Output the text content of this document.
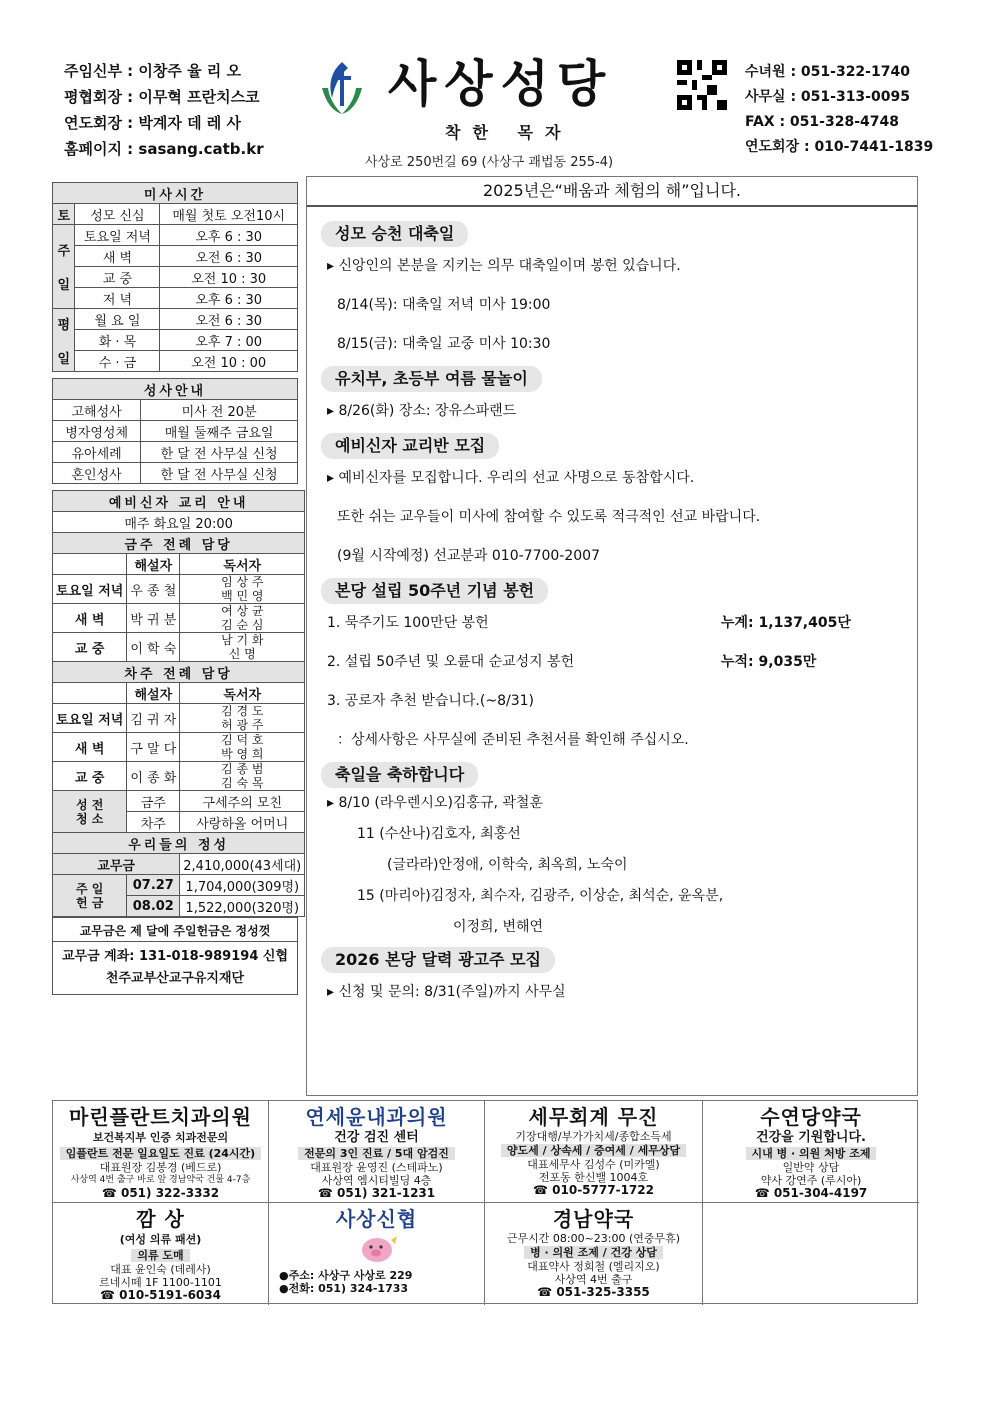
주임신부 : 이창주 율 리 오
평협회장 : 이무혁 프란치스코
연도회장 : 박계자 데 레 사
홈페이지 : sasang.catb.kr
사상성당
착한 목자
사상로 250번길 69 (사상구 괘법동 255-4)
수녀원 : 051-322-1740
사무실 : 051-313-0095
FAX : 051-328-4748
연도회장 : 010-7441-1839
미사시간		
토	성모 신심	매월 첫토 오전10시
주

일	토요일 저녁	오후 6 : 30
	새 벽	오전 6 : 30
	교 중	오전 10 : 30
	저 녁	오후 6 : 30
평

일	월 요 일	오전 6 : 30
	화 · 목	오후 7 : 00
	수 · 금	오전 10 : 00
성사안내	
고해성사	미사 전 20분
병자영성체	매월 둘째주 금요일
유아세례	한 달 전 사무실 신청
혼인성사	한 달 전 사무실 신청
예비신자 교리 안내		
매주 화요일 20:00		
금주 전례 담당		
	해설자	독서자
토요일 저녁	우 종 철	임 상 주
백 민 영
새 벽	박 귀 분	여 상 균
김 순 심
교 중	이 학 숙	남 기 화
신 명
차주 전례 담당		
	해설자	독서자
토요일 저녁	김 귀 자	김 경 도
허 광 주
새 벽	구 말 다	김 덕 호
박 영 희
교 중	이 종 화	김 종 범
김 숙 목
성 전
청 소	금주	구세주의 모친
	차주	사랑하올 어머니
우리들의 정성		
교무금		2,410,000(43세대)
주 일
헌 금	07.27	1,704,000(309명)
	08.02	1,522,000(320명)
교무금은 제 달에 주일헌금은 정성껏
교무금 계좌: 131-018-989194 신협
천주교부산교구유지재단
2025년은“배움과 체험의 해”입니다.
성모 승천 대축일
▸ 신앙인의 본분을 지키는 의무 대축일이며 봉헌 있습니다.
8/14(목): 대축일 저녁 미사 19:00
8/15(금): 대축일 교중 미사 10:30
유치부, 초등부 여름 물놀이
▸ 8/26(화) 장소: 장유스파랜드
예비신자 교리반 모집
▸ 예비신자를 모집합니다. 우리의 선교 사명으로 동참합시다.
또한 쉬는 교우들이 미사에 참여할 수 있도록 적극적인 선교 바랍니다.
(9월 시작예정) 선교분과 010-7700-2007
본당 설립 50주년 기념 봉헌
1. 묵주기도 100만단 봉헌	누계: 1,137,405단
2. 설립 50주년 및 오륜대 순교성지 봉헌	누적: 9,035만
3. 공로자 추천 받습니다.(~8/31)
：상세사항은 사무실에 준비된 추천서를 확인해 주십시오.
축일을 축하합니다
▸ 8/10 (라우렌시오)김홍규, 곽철훈
11 (수산나)김호자, 최홍선
(글라라)안정애, 이학숙, 최옥희, 노숙이
15 (마리아)김정자, 최수자, 김광주, 이상순, 최석순, 윤옥분,
이정희, 변해연
2026 본당 달력 광고주 모집
▸ 신청 및 문의: 8/31(주일)까지 사무실
마린플란트치과의원
보건복지부 인증 치과전문의
임플란트 전문 일요일도 진료 (24시간)
대표원장 김봉경 (베드로)
사상역 4번 출구 바로 앞 경남약국 건물 4-7층
☎ 051) 322-3332
연세윤내과의원
건강 검진 센터
전문의 3인 진료 / 5대 암검진
대표원장 윤영진 (스테파노)
사상역 엠시티빌딩 4층
☎ 051) 321-1231
세무회계 무진
기장대행/부가가치세/종합소득세
양도세 / 상속세 / 증여세 / 세무상담
대표세무사 김성수 (미카엘)
전포동 한신밸 1004호
☎ 010-5777-1722
수연당약국
건강을 기원합니다.
시내 병 · 의원 처방 조제
일반약 상담
약사 강연주 (루시아)
☎ 051-304-4197
깜 상
(여성 의류 패션)
의류 도매
대표 윤인숙 (데레사)
르네시떼 1F 1100-1101
☎ 010-5191-6034
사상신협
●주소: 사상구 사상로 229
●전화: 051) 324-1733
경남약국
근무시간 08:00~23:00 (연중무휴)
병 · 의원 조제 / 건강 상담
대표약사 정회철 (엘리지오)
사상역 4번 출구
☎ 051-325-3355
